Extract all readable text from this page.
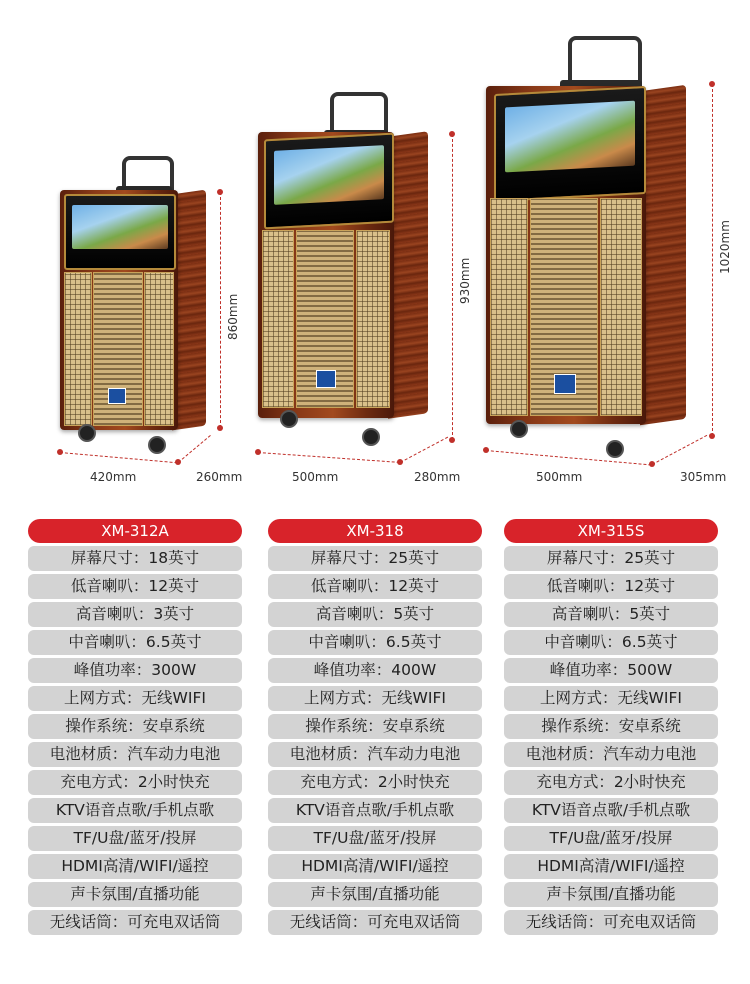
860mm
420mm	260mm
930mm
500mm	280mm
1020mm
500mm	305mm
XM-312A
屏幕尺寸：18英寸
低音喇叭：12英寸
高音喇叭：3英寸
中音喇叭：6.5英寸
峰值功率：300W
上网方式：无线WIFI
操作系统：安卓系统
电池材质：汽车动力电池
充电方式：2小时快充
KTV语音点歌/手机点歌
TF/U盘/蓝牙/投屏
HDMI高清/WIFI/遥控
声卡氛围/直播功能
无线话筒：可充电双话筒
XM-318
屏幕尺寸：25英寸
低音喇叭：12英寸
高音喇叭：5英寸
中音喇叭：6.5英寸
峰值功率：400W
上网方式：无线WIFI
操作系统：安卓系统
电池材质：汽车动力电池
充电方式：2小时快充
KTV语音点歌/手机点歌
TF/U盘/蓝牙/投屏
HDMI高清/WIFI/遥控
声卡氛围/直播功能
无线话筒：可充电双话筒
XM-315S
屏幕尺寸：25英寸
低音喇叭：12英寸
高音喇叭：5英寸
中音喇叭：6.5英寸
峰值功率：500W
上网方式：无线WIFI
操作系统：安卓系统
电池材质：汽车动力电池
充电方式：2小时快充
KTV语音点歌/手机点歌
TF/U盘/蓝牙/投屏
HDMI高清/WIFI/遥控
声卡氛围/直播功能
无线话筒：可充电双话筒
